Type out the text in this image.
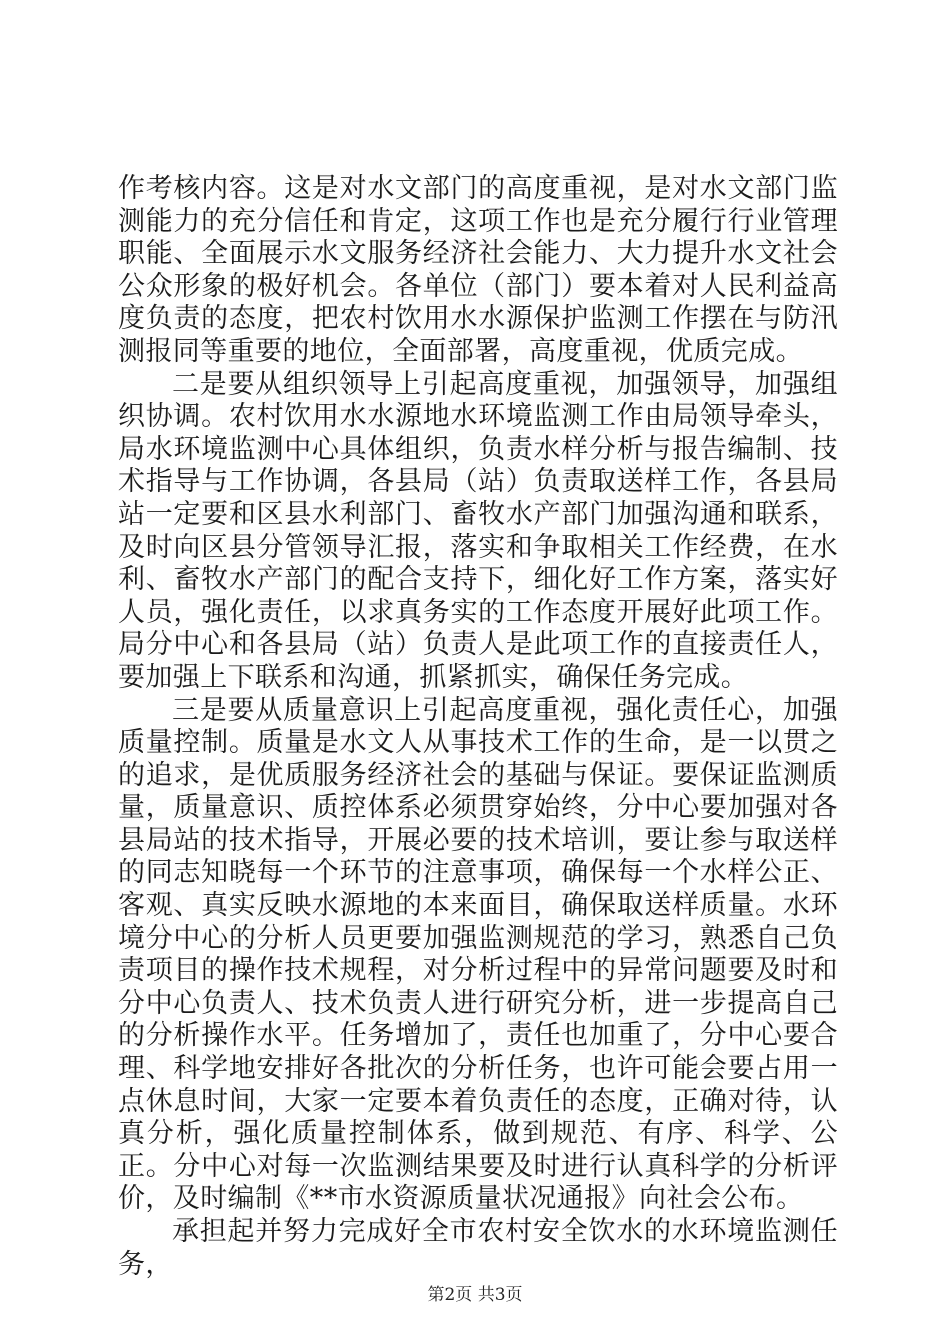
作考核内容。这是对水文部门的高度重视，是对水文部门监测能力的充分信任和肯定，这项工作也是充分履行行业管理职能、全面展示水文服务经济社会能力、大力提升水文社会公众形象的极好机会。各单位（部门）要本着对人民利益高度负责的态度，把农村饮用水水源保护监测工作摆在与防汛测报同等重要的地位，全面部署，高度重视，优质完成。

二是要从组织领导上引起高度重视，加强领导，加强组织协调。农村饮用水水源地水环境监测工作由局领导牵头，局水环境监测中心具体组织，负责水样分析与报告编制、技术指导与工作协调，各县局（站）负责取送样工作，各县局站一定要和区县水利部门、畜牧水产部门加强沟通和联系，及时向区县分管领导汇报，落实和争取相关工作经费，在水利、畜牧水产部门的配合支持下，细化好工作方案，落实好人员，强化责任，以求真务实的工作态度开展好此项工作。局分中心和各县局（站）负责人是此项工作的直接责任人，要加强上下联系和沟通，抓紧抓实，确保任务完成。

三是要从质量意识上引起高度重视，强化责任心，加强质量控制。质量是水文人从事技术工作的生命，是一以贯之的追求，是优质服务经济社会的基础与保证。要保证监测质量，质量意识、质控体系必须贯穿始终，分中心要加强对各县局站的技术指导，开展必要的技术培训，要让参与取送样的同志知晓每一个环节的注意事项，确保每一个水样公正、客观、真实反映水源地的本来面目，确保取送样质量。水环境分中心的分析人员更要加强监测规范的学习，熟悉自己负责项目的操作技术规程，对分析过程中的异常问题要及时和分中心负责人、技术负责人进行研究分析，进一步提高自己的分析操作水平。任务增加了，责任也加重了，分中心要合理、科学地安排好各批次的分析任务，也许可能会要占用一点休息时间，大家一定要本着负责任的态度，正确对待，认真分析，强化质量控制体系，做到规范、有序、科学、公正。分中心对每一次监测结果要及时进行认真科学的分析评价，及时编制《**市水资源质量状况通报》向社会公布。

承担起并努力完成好全市农村安全饮水的水环境监测任务，

第2页 共3页
